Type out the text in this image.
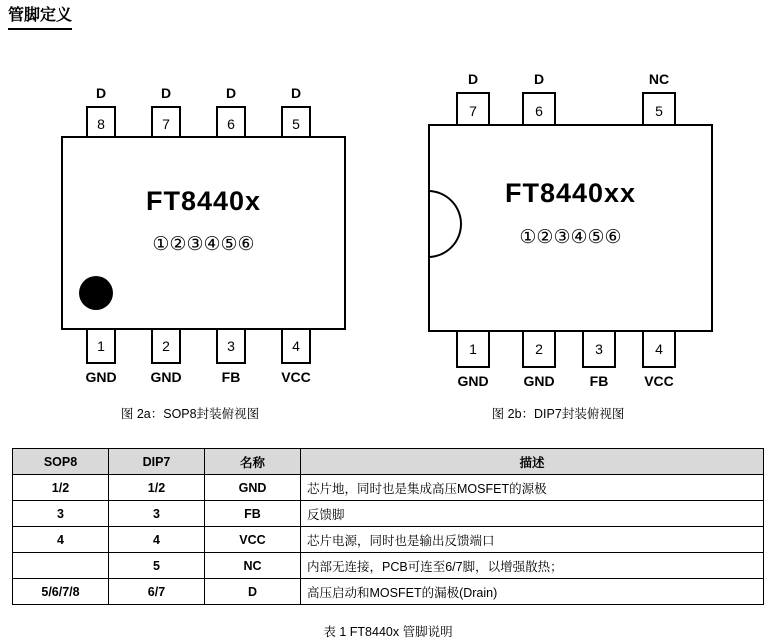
管脚定义
D	D	D	D
8	7	6	5
FT8440x
①②③④⑤⑥
1	2	3	4
GND	GND	FB	VCC
图 2a：SOP8封装俯视图
D	D	NC
7	6	5
FT8440xx
①②③④⑤⑥
1	2	3	4
GND	GND	FB	VCC
图 2b：DIP7封装俯视图
SOP8	DIP7	名称	描述
1/2	1/2	GND	芯片地，同时也是集成高压MOSFET的源极
3	3	FB	反馈脚
4	4	VCC	芯片电源，同时也是输出反馈端口
	5	NC	内部无连接，PCB可连至6/7脚，以增强散热；
5/6/7/8	6/7	D	高压启动和MOSFET的漏极(Drain)
表 1 FT8440x 管脚说明
